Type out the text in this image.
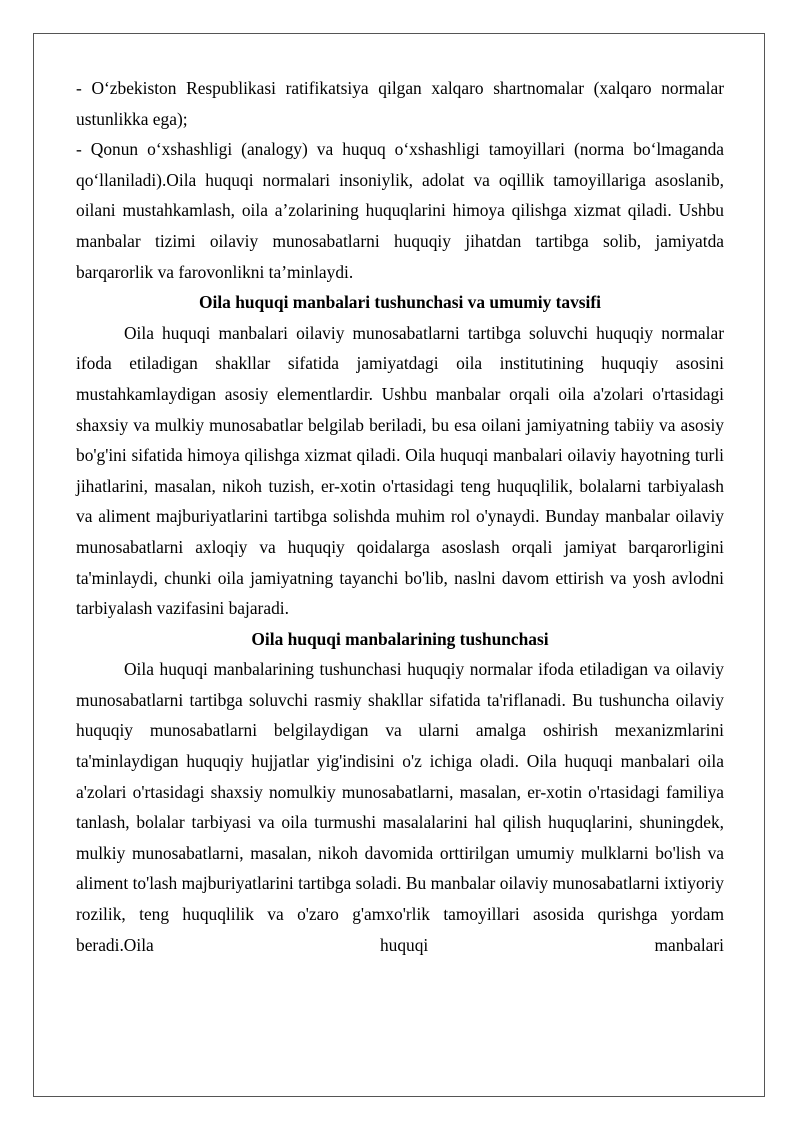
- O‘zbekiston Respublikasi ratifikatsiya qilgan xalqaro shartnomalar (xalqaro normalar ustunlikka ega);

- Qonun o‘xshashligi (analogy) va huquq o‘xshashligi tamoyillari (norma bo‘lmaganda qo‘llaniladi).Oila huquqi normalari insoniylik, adolat va oqillik tamoyillariga asoslanib, oilani mustahkamlash, oila a’zolarining huquqlarini himoya qilishga xizmat qiladi. Ushbu manbalar tizimi oilaviy munosabatlarni huquqiy jihatdan tartibga solib, jamiyatda barqarorlik va farovonlikni ta’minlaydi.

Oila huquqi manbalari tushunchasi va umumiy tavsifi

Oila huquqi manbalari oilaviy munosabatlarni tartibga soluvchi huquqiy normalar ifoda etiladigan shakllar sifatida jamiyatdagi oila institutining huquqiy asosini mustahkamlaydigan asosiy elementlardir. Ushbu manbalar orqali oila a'zolari o'rtasidagi shaxsiy va mulkiy munosabatlar belgilab beriladi, bu esa oilani jamiyatning tabiiy va asosiy bo'g'ini sifatida himoya qilishga xizmat qiladi. Oila huquqi manbalari oilaviy hayotning turli jihatlarini, masalan, nikoh tuzish, er-xotin o'rtasidagi teng huquqlilik, bolalarni tarbiyalash va aliment majburiyatlarini tartibga solishda muhim rol o'ynaydi. Bunday manbalar oilaviy munosabatlarni axloqiy va huquqiy qoidalarga asoslash orqali jamiyat barqarorligini ta'minlaydi, chunki oila jamiyatning tayanchi bo'lib, naslni davom ettirish va yosh avlodni tarbiyalash vazifasini bajaradi.

Oila huquqi manbalarining tushunchasi

Oila huquqi manbalarining tushunchasi huquqiy normalar ifoda etiladigan va oilaviy munosabatlarni tartibga soluvchi rasmiy shakllar sifatida ta'riflanadi. Bu tushuncha oilaviy huquqiy munosabatlarni belgilaydigan va ularni amalga oshirish mexanizmlarini ta'minlaydigan huquqiy hujjatlar yig'indisini o'z ichiga oladi. Oila huquqi manbalari oila a'zolari o'rtasidagi shaxsiy nomulkiy munosabatlarni, masalan, er-xotin o'rtasidagi familiya tanlash, bolalar tarbiyasi va oila turmushi masalalarini hal qilish huquqlarini, shuningdek, mulkiy munosabatlarni, masalan, nikoh davomida orttirilgan umumiy mulklarni bo'lish va aliment to'lash majburiyatlarini tartibga soladi. Bu manbalar oilaviy munosabatlarni ixtiyoriy rozilik, teng huquqlilik va o'zaro g'amxo'rlik tamoyillari asosida qurishga yordam beradi.Oila huquqi manbalari
